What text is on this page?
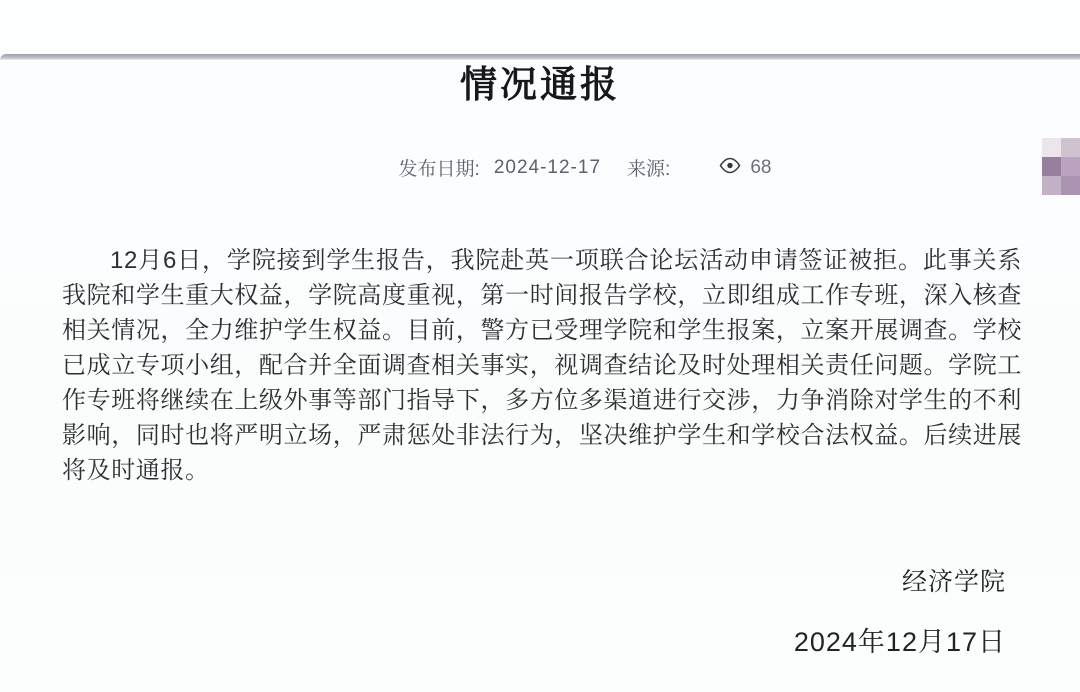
情况通报
发布日期: 2024-12-17 来源:	68
12月6日，学院接到学生报告，我院赴英一项联合论坛活动申请签证被拒。此事关系我院和学生重大权益，学院高度重视，第一时间报告学校，立即组成工作专班，深入核查相关情况，全力维护学生权益。目前，警方已受理学院和学生报案，立案开展调查。学校已成立专项小组，配合并全面调查相关事实，视调查结论及时处理相关责任问题。学院工作专班将继续在上级外事等部门指导下，多方位多渠道进行交涉，力争消除对学生的不利影响，同时也将严明立场，严肃惩处非法行为，坚决维护学生和学校合法权益。后续进展将及时通报。
经济学院
2024年12月17日
